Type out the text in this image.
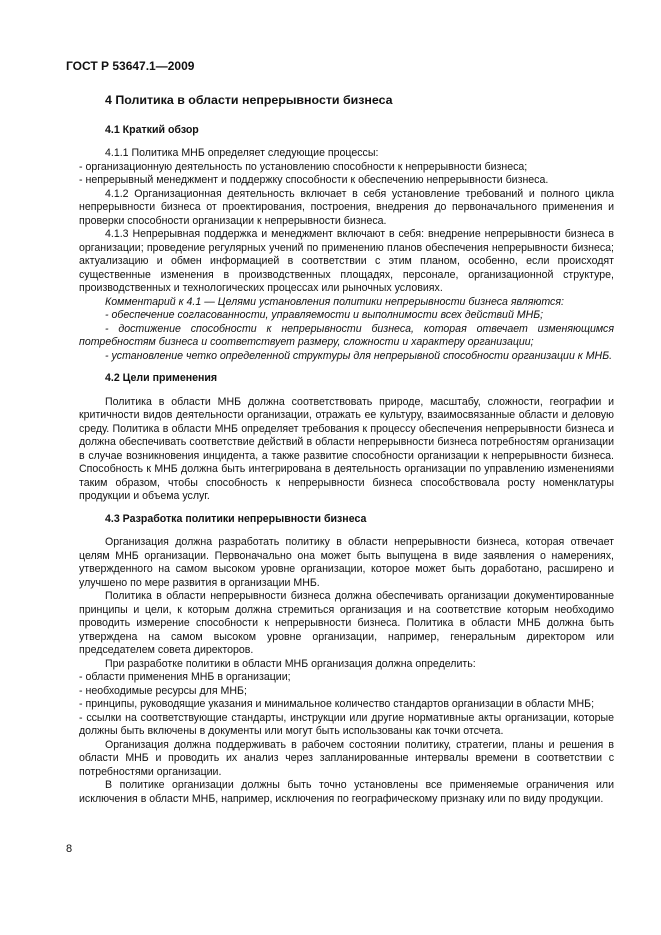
ГОСТ Р 53647.1—2009
4 Политика в области непрерывности бизнеса
4.1 Краткий обзор

4.1.1 Политика МНБ определяет следующие процессы:

- организационную деятельность по установлению способности к непрерывности бизнеса;

- непрерывный менеджмент и поддержку способности к обеспечению непрерывности бизнеса.

4.1.2 Организационная деятельность включает в себя установление требований и полного цикла непрерывности бизнеса от проектирования, построения, внедрения до первоначального применения и проверки способности организации к непрерывности бизнеса.

4.1.3 Непрерывная поддержка и менеджмент включают в себя: внедрение непрерывности бизнеса в организации; проведение регулярных учений по применению планов обеспечения непрерывности бизнеса; актуализацию и обмен информацией в соответствии с этим планом, особенно, если происходят существенные изменения в производственных площадях, персонале, организационной структуре, производственных и технологических процессах или рыночных условиях.

Комментарий к 4.1 — Целями установления политики непрерывности бизнеса являются:

- обеспечение согласованности, управляемости и выполнимости всех действий МНБ;

- достижение способности к непрерывности бизнеса, которая отвечает изменяющимся потребностям бизнеса и соответствует размеру, сложности и характеру организации;

- установление четко определенной структуры для непрерывной способности организации к МНБ.

4.2 Цели применения

Политика в области МНБ должна соответствовать природе, масштабу, сложности, географии и критичности видов деятельности организации, отражать ее культуру, взаимосвязанные области и деловую среду. Политика в области МНБ определяет требования к процессу обеспечения непрерывности бизнеса и должна обеспечивать соответствие действий в области непрерывности бизнеса потребностям организации в случае возникновения инцидента, а также развитие способности организации к непрерывности бизнеса. Способность к МНБ должна быть интегрирована в деятельность организации по управлению изменениями таким образом, чтобы способность к непрерывности бизнеса способствовала росту номенклатуры продукции и объема услуг.

4.3 Разработка политики непрерывности бизнеса

Организация должна разработать политику в области непрерывности бизнеса, которая отвечает целям МНБ организации. Первоначально она может быть выпущена в виде заявления о намерениях, утвержденного на самом высоком уровне организации, которое может быть доработано, расширено и улучшено по мере развития в организации МНБ.

Политика в области непрерывности бизнеса должна обеспечивать организации документированные принципы и цели, к которым должна стремиться организация и на соответствие которым необходимо проводить измерение способности к непрерывности бизнеса. Политика в области МНБ должна быть утверждена на самом высоком уровне организации, например, генеральным директором или председателем совета директоров.

При разработке политики в области МНБ организация должна определить:

- области применения МНБ в организации;

- необходимые ресурсы для МНБ;

- принципы, руководящие указания и минимальное количество стандартов организации в области МНБ;

- ссылки на соответствующие стандарты, инструкции или другие нормативные акты организации, которые должны быть включены в документы или могут быть использованы как точки отсчета.

Организация должна поддерживать в рабочем состоянии политику, стратегии, планы и решения в области МНБ и проводить их анализ через запланированные интервалы времени в соответствии с потребностями организации.

В политике организации должны быть точно установлены все применяемые ограничения или исключения в области МНБ, например, исключения по географическому признаку или по виду продукции.

8
